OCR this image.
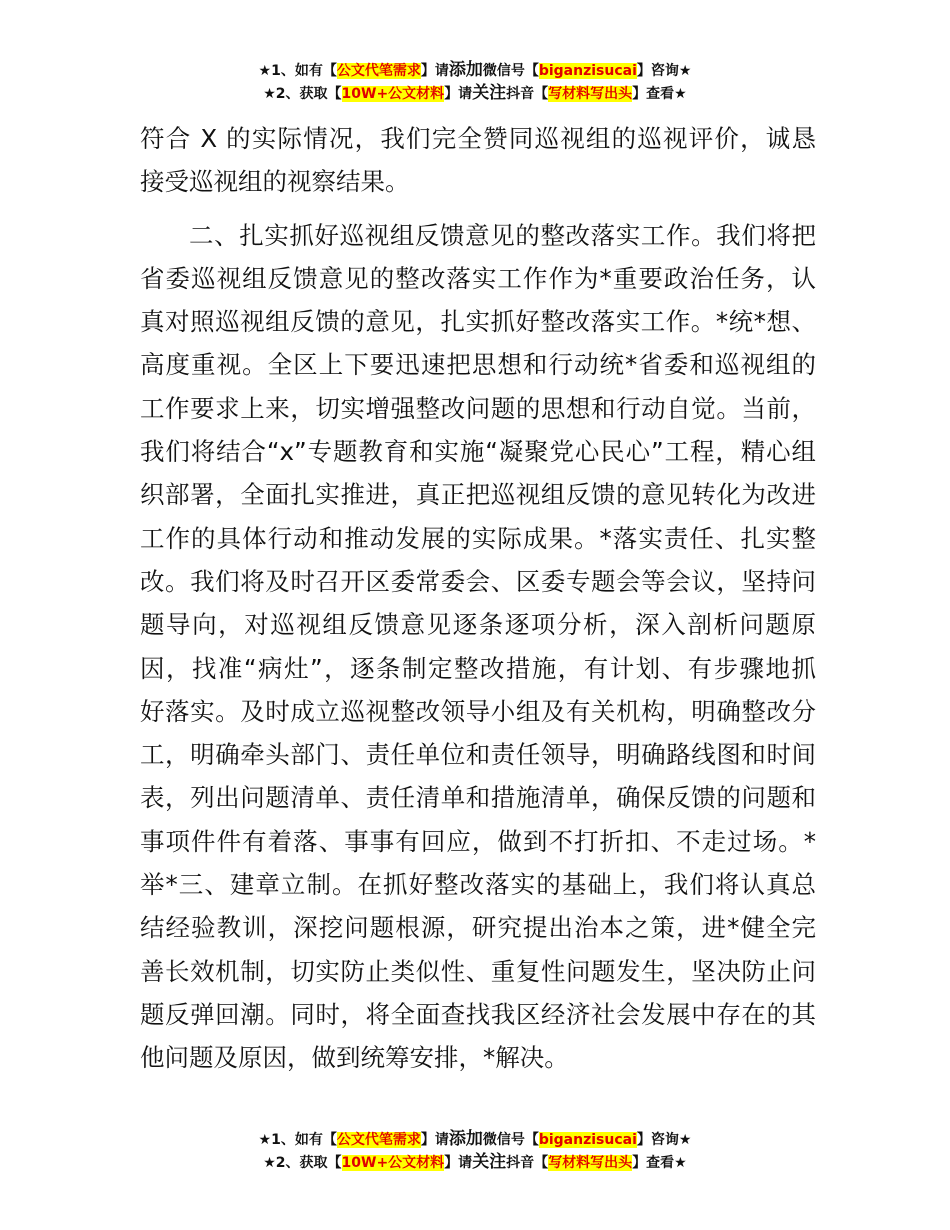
★1、如有【公文代笔需求】请添加微信号【biganzisucai】咨询★
★2、获取【10W+公文材料】请关注抖音【写材料写出头】查看★
符合 X 的实际情况，我们完全赞同巡视组的巡视评价，诚恳
接受巡视组的视察结果。
二、扎实抓好巡视组反馈意见的整改落实工作。我们将把
省委巡视组反馈意见的整改落实工作作为*重要政治任务，认
真对照巡视组反馈的意见，扎实抓好整改落实工作。*统*想、
高度重视。全区上下要迅速把思想和行动统*省委和巡视组的
工作要求上来，切实增强整改问题的思想和行动自觉。当前，
我们将结合“x”专题教育和实施“凝聚党心民心”工程，精心组
织部署，全面扎实推进，真正把巡视组反馈的意见转化为改进
工作的具体行动和推动发展的实际成果。*落实责任、扎实整
改。我们将及时召开区委常委会、区委专题会等会议，坚持问
题导向，对巡视组反馈意见逐条逐项分析，深入剖析问题原
因，找准“病灶”，逐条制定整改措施，有计划、有步骤地抓
好落实。及时成立巡视整改领导小组及有关机构，明确整改分
工，明确牵头部门、责任单位和责任领导，明确路线图和时间
表，列出问题清单、责任清单和措施清单，确保反馈的问题和
事项件件有着落、事事有回应，做到不打折扣、不走过场。*
举*三、建章立制。在抓好整改落实的基础上，我们将认真总
结经验教训，深挖问题根源，研究提出治本之策，进*健全完
善长效机制，切实防止类似性、重复性问题发生，坚决防止问
题反弹回潮。同时，将全面查找我区经济社会发展中存在的其
他问题及原因，做到统筹安排，*解决。
★1、如有【公文代笔需求】请添加微信号【biganzisucai】咨询★
★2、获取【10W+公文材料】请关注抖音【写材料写出头】查看★
